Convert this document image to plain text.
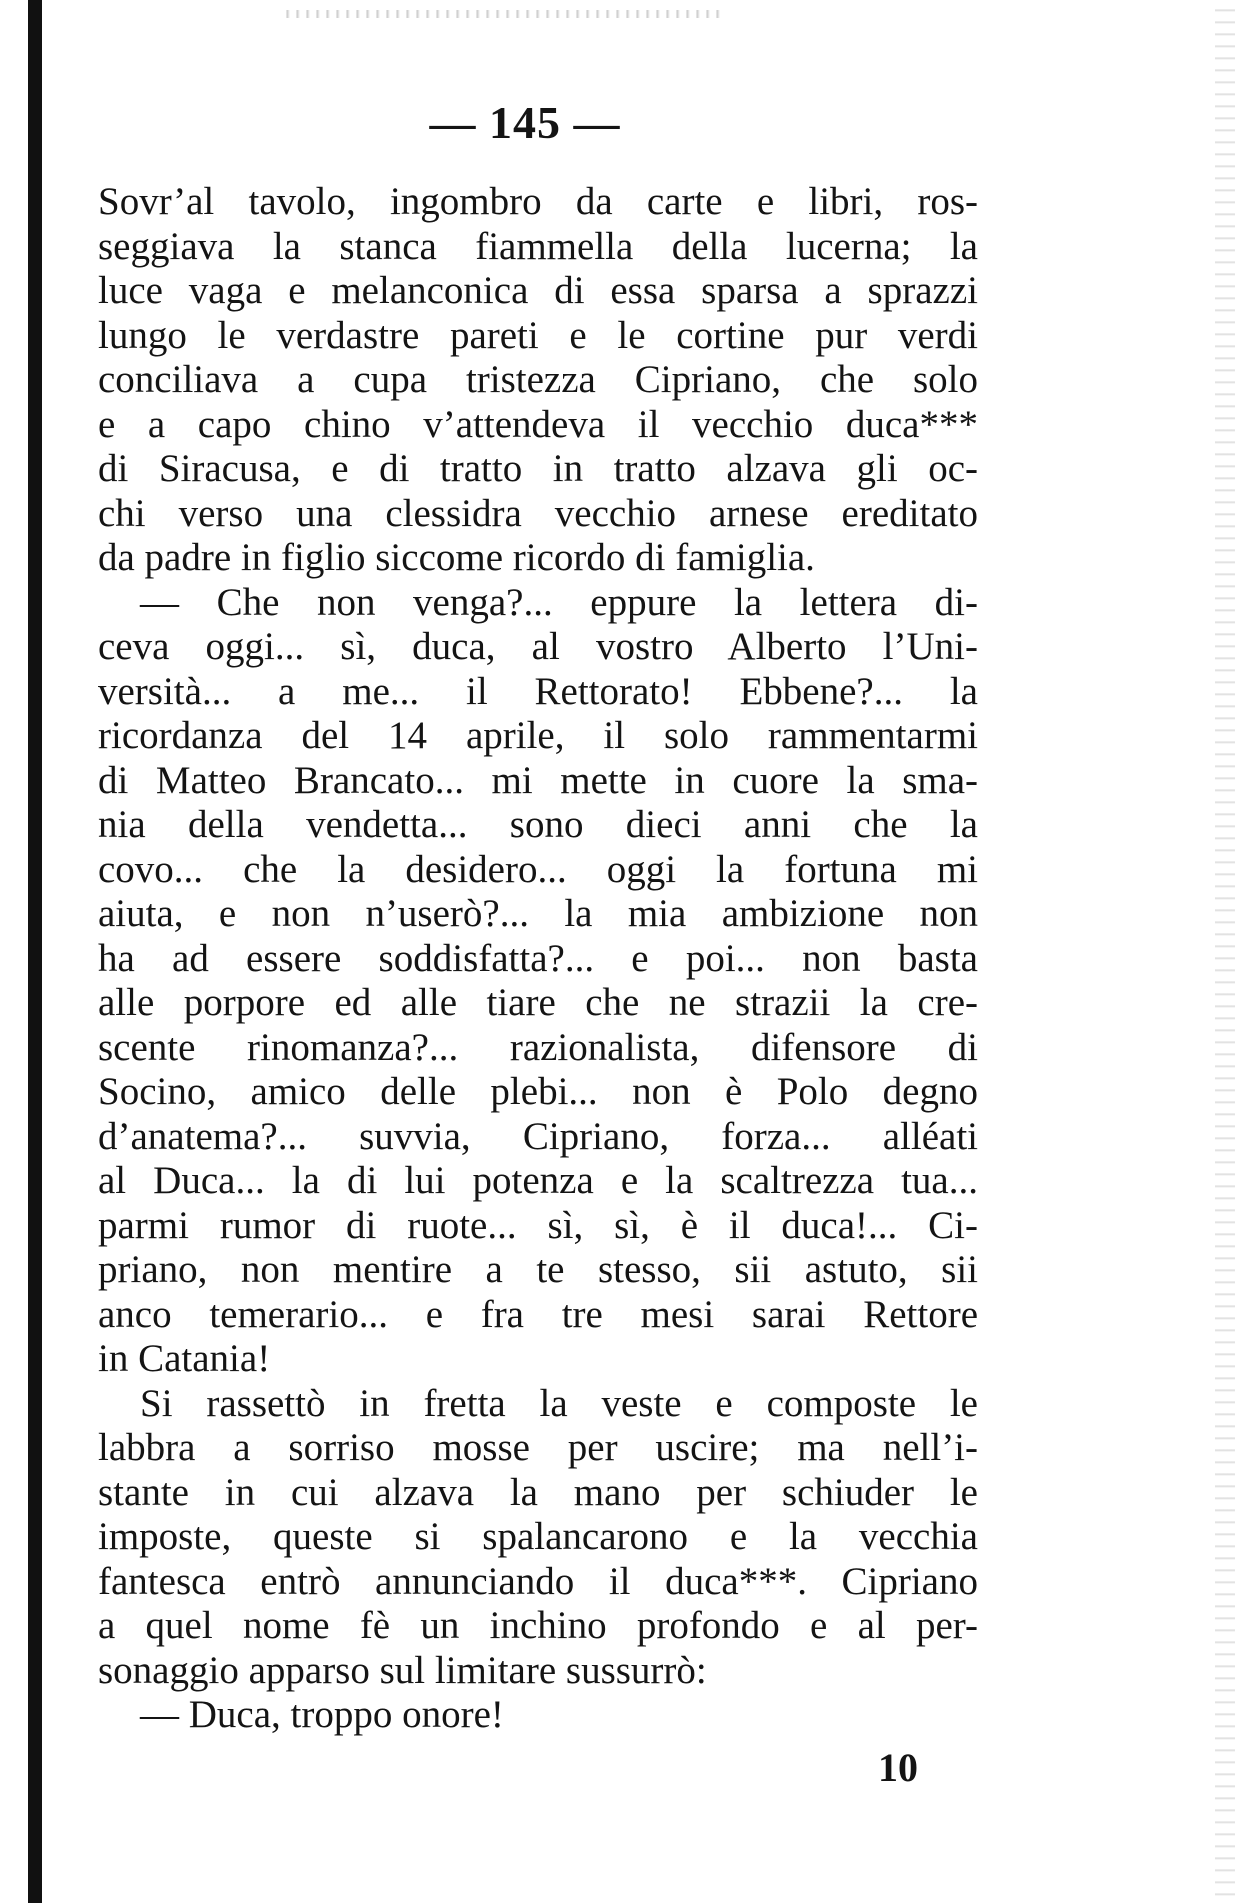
— 145 —
Sovr’al tavolo, ingombro da carte e libri, ros-
seggiava la stanca fiammella della lucerna; la
luce vaga e melanconica di essa sparsa a sprazzi
lungo le verdastre pareti e le cortine pur verdi
conciliava a cupa tristezza Cipriano, che solo
e a capo chino v’attendeva il vecchio duca***
di Siracusa, e di tratto in tratto alzava gli oc-
chi verso una clessidra vecchio arnese ereditato
da padre in figlio siccome ricordo di famiglia.
— Che non venga?... eppure la lettera di-
ceva oggi... sì, duca, al vostro Alberto l’Uni-
versità... a me... il Rettorato! Ebbene?... la
ricordanza del 14 aprile, il solo rammentarmi
di Matteo Brancato... mi mette in cuore la sma-
nia della vendetta... sono dieci anni che la
covo... che la desidero... oggi la fortuna mi
aiuta, e non n’userò?... la mia ambizione non
ha ad essere soddisfatta?... e poi... non basta
alle porpore ed alle tiare che ne strazii la cre-
scente rinomanza?... razionalista, difensore di
Socino, amico delle plebi... non è Polo degno
d’anatema?... suvvia, Cipriano, forza... alléati
al Duca... la di lui potenza e la scaltrezza tua...
parmi rumor di ruote... sì, sì, è il duca!... Ci-
priano, non mentire a te stesso, sii astuto, sii
anco temerario... e fra tre mesi sarai Rettore
in Catania!
Si rassettò in fretta la veste e composte le
labbra a sorriso mosse per uscire; ma nell’i-
stante in cui alzava la mano per schiuder le
imposte, queste si spalancarono e la vecchia
fantesca entrò annunciando il duca***. Cipriano
a quel nome fè un inchino profondo e al per-
sonaggio apparso sul limitare sussurrò:
— Duca, troppo onore!
10
